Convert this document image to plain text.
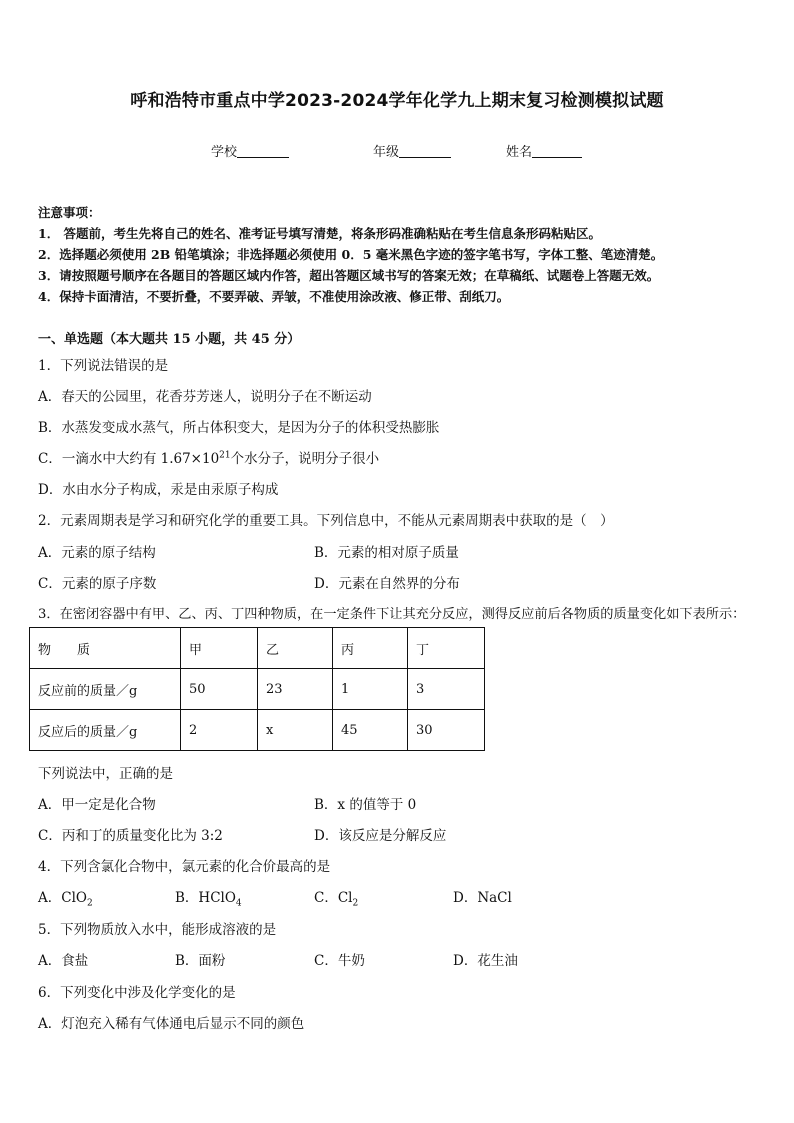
呼和浩特市重点中学2023-2024学年化学九上期末复习检测模拟试题
学校	年级	姓名
注意事项：
1． 答题前，考生先将自己的姓名、准考证号填写清楚，将条形码准确粘贴在考生信息条形码粘贴区。
2．选择题必须使用 2B 铅笔填涂；非选择题必须使用 0．5 毫米黑色字迹的签字笔书写，字体工整、笔迹清楚。
3．请按照题号顺序在各题目的答题区域内作答，超出答题区域书写的答案无效；在草稿纸、试题卷上答题无效。
4．保持卡面清洁，不要折叠，不要弄破、弄皱，不准使用涂改液、修正带、刮纸刀。
一、单选题（本大题共 15 小题，共 45 分）
1．下列说法错误的是
A．春天的公园里，花香芬芳迷人，说明分子在不断运动
B．水蒸发变成水蒸气，所占体积变大，是因为分子的体积受热膨胀
C．一滴水中大约有 $1.67\times 10^{21}$个水分子，说明分子很小
D．水由水分子构成，汞是由汞原子构成
2．元素周期表是学习和研究化学的重要工具。下列信息中，不能从元素周期表中获取的是（　）
A．元素的原子结构	B．元素的相对原子质量
C．元素的原子序数	D．元素在自然界的分布
3．在密闭容器中有甲、乙、丙、丁四种物质，在一定条件下让其充分反应，测得反应前后各物质的质量变化如下表所示：
物　　质	甲	乙	丙	丁
反应前的质量／g	50	23	1	3
反应后的质量／g	2	x	45	30
下列说法中，正确的是
A．甲一定是化合物	B．x 的值等于 0
C．丙和丁的质量变化比为 3:2	D．该反应是分解反应
4．下列含氯化合物中，氯元素的化合价最高的是
A．ClO$_2$	B．HClO$_4$	C．$Cl_2$	D．NaCl
5．下列物质放入水中，能形成溶液的是
A．食盐	B．面粉	C．牛奶	D．花生油
6．下列变化中涉及化学变化的是
A．灯泡充入稀有气体通电后显示不同的颜色
